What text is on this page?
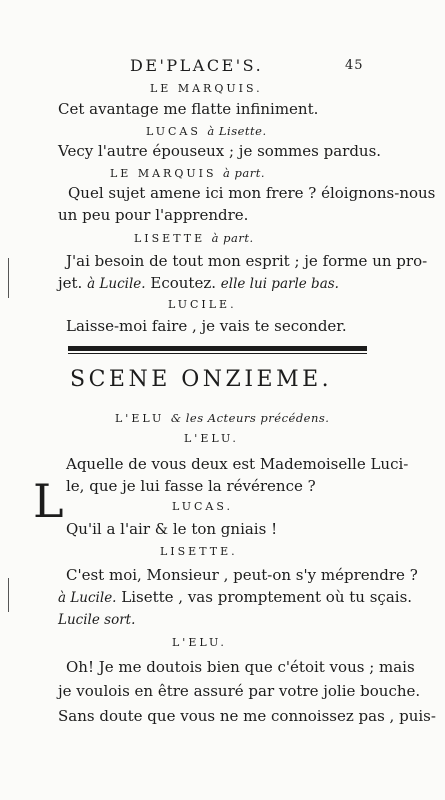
DE'PLACE'S.	45
LE MARQUIS.
Cet avantage me flatte infiniment.
LUCAS à Lisette.
Vecy l'autre épouseux ; je sommes pardus.
LE MARQUIS à part.
Quel sujet amene ici mon frere ? éloignons-nous
un peu pour l'apprendre.
LISETTE à part.
J'ai besoin de tout mon esprit ; je forme un pro-
jet. à Lucile. Ecoutez. elle lui parle bas.
LUCILE.
Laisse-moi faire , je vais te seconder.
SCENE ONZIEME.
L
L'ELU & les Acteurs précédens.
L'ELU.
Aquelle de vous deux est Mademoiselle Luci-
le, que je lui fasse la révérence ?
LUCAS.
Qu'il a l'air & le ton gniais !
LISETTE.
C'est moi, Monsieur , peut-on s'y méprendre ?
à Lucile. Lisette , vas promptement où tu sçais.
Lucile sort.
L'ELU.
Oh! Je me doutois bien que c'étoit vous ; mais
je voulois en être assuré par votre jolie bouche.
Sans doute que vous ne me connoissez pas , puis-
